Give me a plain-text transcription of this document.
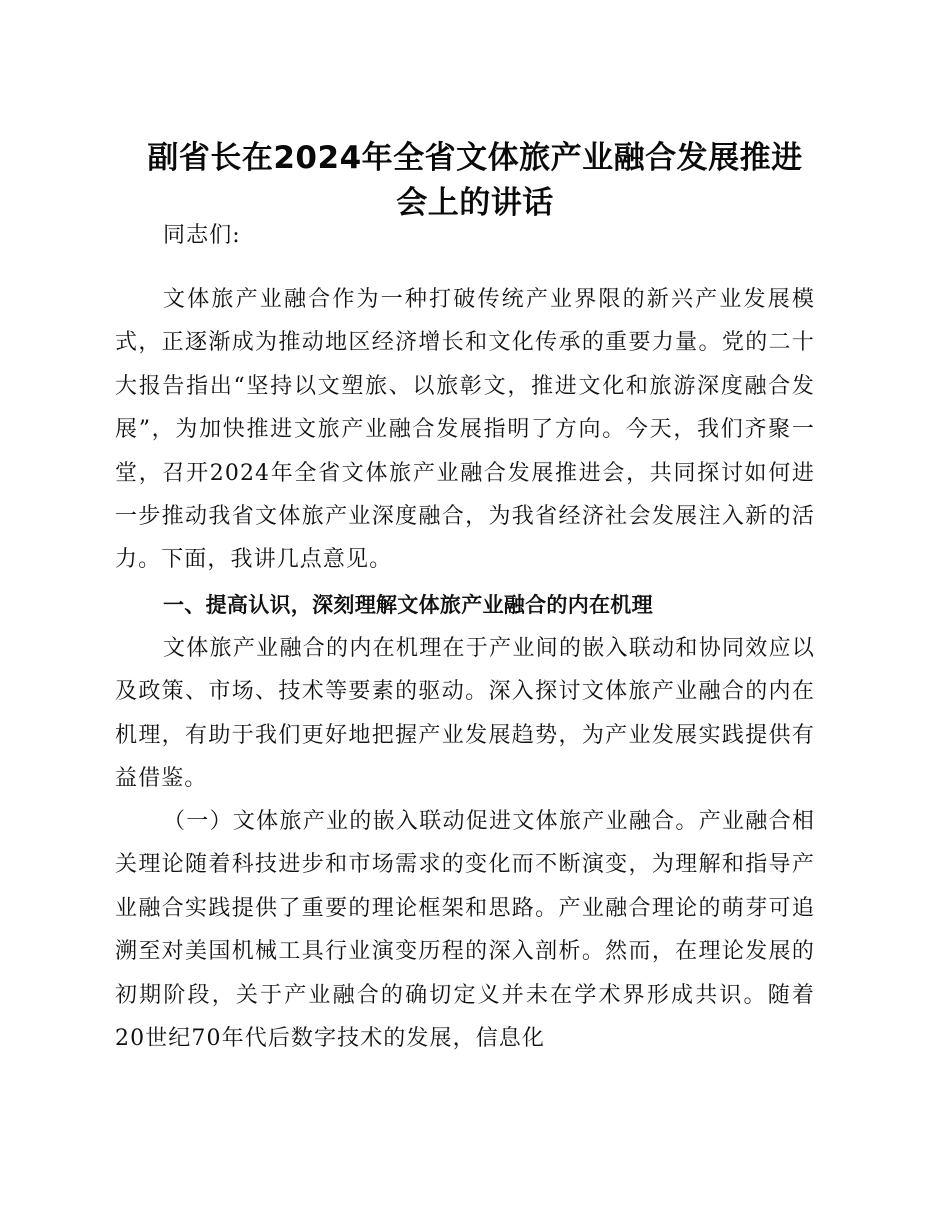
副省长在2024年全省文体旅产业融合发展推进
会上的讲话

同志们:

文体旅产业融合作为一种打破传统产业界限的新兴产业发展模式，正逐渐成为推动地区经济增长和文化传承的重要力量。党的二十大报告指出“坚持以文塑旅、以旅彰文，推进文化和旅游深度融合发展”，为加快推进文旅产业融合发展指明了方向。今天，我们齐聚一堂，召开2024年全省文体旅产业融合发展推进会，共同探讨如何进一步推动我省文体旅产业深度融合，为我省经济社会发展注入新的活力。下面，我讲几点意见。

一、提高认识，深刻理解文体旅产业融合的内在机理

文体旅产业融合的内在机理在于产业间的嵌入联动和协同效应以及政策、市场、技术等要素的驱动。深入探讨文体旅产业融合的内在机理，有助于我们更好地把握产业发展趋势，为产业发展实践提供有益借鉴。

（一）文体旅产业的嵌入联动促进文体旅产业融合。产业融合相关理论随着科技进步和市场需求的变化而不断演变，为理解和指导产业融合实践提供了重要的理论框架和思路。产业融合理论的萌芽可追溯至对美国机械工具行业演变历程的深入剖析。然而，在理论发展的初期阶段，关于产业融合的确切定义并未在学术界形成共识。随着20世纪70年代后数字技术的发展，信息化
